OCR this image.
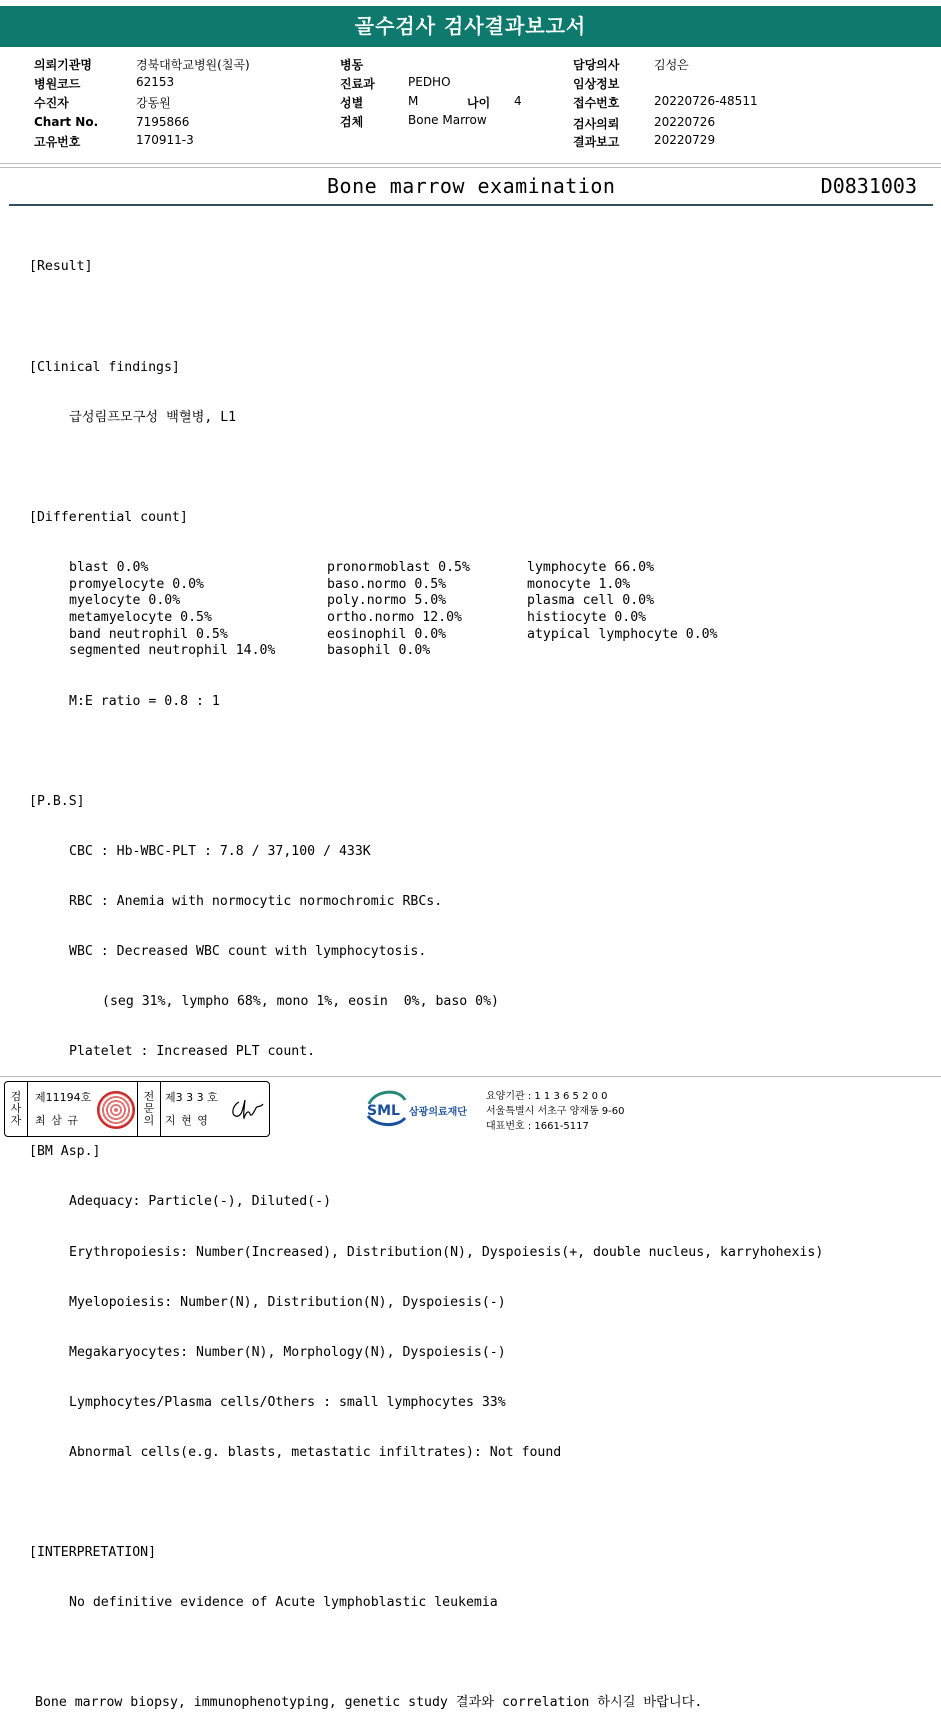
골수검사 검사결과보고서
의뢰기관명	경북대학교병원(칠곡)
병원코드	62153
수진자	강동원
Chart No.	7195866
고유번호	170911-3
병동
진료과	PEDHO
성별	M	나이 4
검체	Bone Marrow
담당의사	김성은
임상정보
접수번호	20220726-48511
검사의뢰	20220726
결과보고	20220729
Bone marrow examination	D0831003

[Result]

[Clinical findings]

급성림프모구성 백혈병, L1

[Differential count]

blast 0.0%	pronormoblast 0.5%	lymphocyte 66.0%
promyelocyte 0.0%	baso.normo 0.5%	monocyte 1.0%
myelocyte 0.0%	poly.normo 5.0%	plasma cell 0.0%
metamyelocyte 0.5%	ortho.normo 12.0%	histiocyte 0.0%
band neutrophil 0.5%	eosinophil 0.0%	atypical lymphocyte 0.0%
segmented neutrophil 14.0%	basophil 0.0%

M:E ratio = 0.8 : 1

[P.B.S]

CBC : Hb-WBC-PLT : 7.8 / 37,100 / 433K

RBC : Anemia with normocytic normochromic RBCs.

WBC : Decreased WBC count with lymphocytosis.

(seg 31%, lympho 68%, mono 1%, eosin  0%, baso 0%)

Platelet : Increased PLT count.

[BM Asp.]

Adequacy: Particle(-), Diluted(-)

Erythropoiesis: Number(Increased), Distribution(N), Dyspoiesis(+, double nucleus, karryhohexis)

Myelopoiesis: Number(N), Distribution(N), Dyspoiesis(-)

Megakaryocytes: Number(N), Morphology(N), Dyspoiesis(-)

Lymphocytes/Plasma cells/Others : small lymphocytes 33%

Abnormal cells(e.g. blasts, metastatic infiltrates): Not found

[INTERPRETATION]

No definitive evidence of Acute lymphoblastic leukemia

Bone marrow biopsy, immunophenotyping, genetic study 결과와 correlation 하시길 바랍니다.

검
사
자
제11194호
최 삼 규
전
문
의
제3 3 3 호
지 현 영
SML 삼광의료재단
요양기관 : 1 1 3 6 5 2 0 0
서울특별시 서초구 양재동 9-60
대표번호 : 1661-5117
